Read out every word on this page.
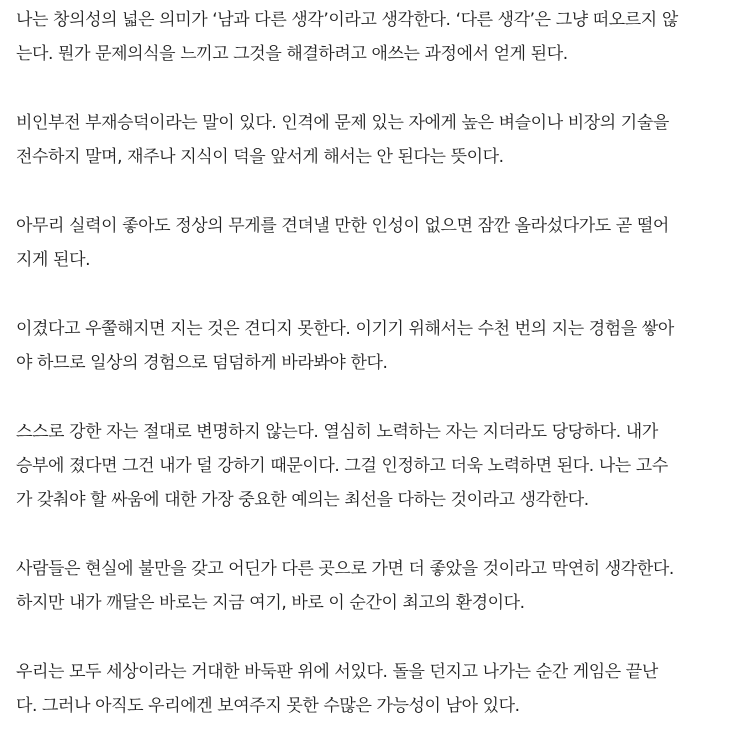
나는 창의성의 넓은 의미가 ‘남과 다른 생각’이라고 생각한다. ‘다른 생각’은 그냥 떠오르지 않
는다. 뭔가 문제의식을 느끼고 그것을 해결하려고 애쓰는 과정에서 얻게 된다.

비인부전 부재승덕이라는 말이 있다. 인격에 문제 있는 자에게 높은 벼슬이나 비장의 기술을
전수하지 말며, 재주나 지식이 덕을 앞서게 해서는 안 된다는 뜻이다.

아무리 실력이 좋아도 정상의 무게를 견뎌낼 만한 인성이 없으면 잠깐 올라섰다가도 곧 떨어
지게 된다.

이겼다고 우쭐해지면 지는 것은 견디지 못한다. 이기기 위해서는 수천 번의 지는 경험을 쌓아
야 하므로 일상의 경험으로 덤덤하게 바라봐야 한다.

스스로 강한 자는 절대로 변명하지 않는다. 열심히 노력하는 자는 지더라도 당당하다. 내가
승부에 졌다면 그건 내가 덜 강하기 때문이다. 그걸 인정하고 더욱 노력하면 된다. 나는 고수
가 갖춰야 할 싸움에 대한 가장 중요한 예의는 최선을 다하는 것이라고 생각한다.

사람들은 현실에 불만을 갖고 어딘가 다른 곳으로 가면 더 좋았을 것이라고 막연히 생각한다.
하지만 내가 깨달은 바로는 지금 여기, 바로 이 순간이 최고의 환경이다.

우리는 모두 세상이라는 거대한 바둑판 위에 서있다. 돌을 던지고 나가는 순간 게임은 끝난
다. 그러나 아직도 우리에겐 보여주지 못한 수많은 가능성이 남아 있다.
